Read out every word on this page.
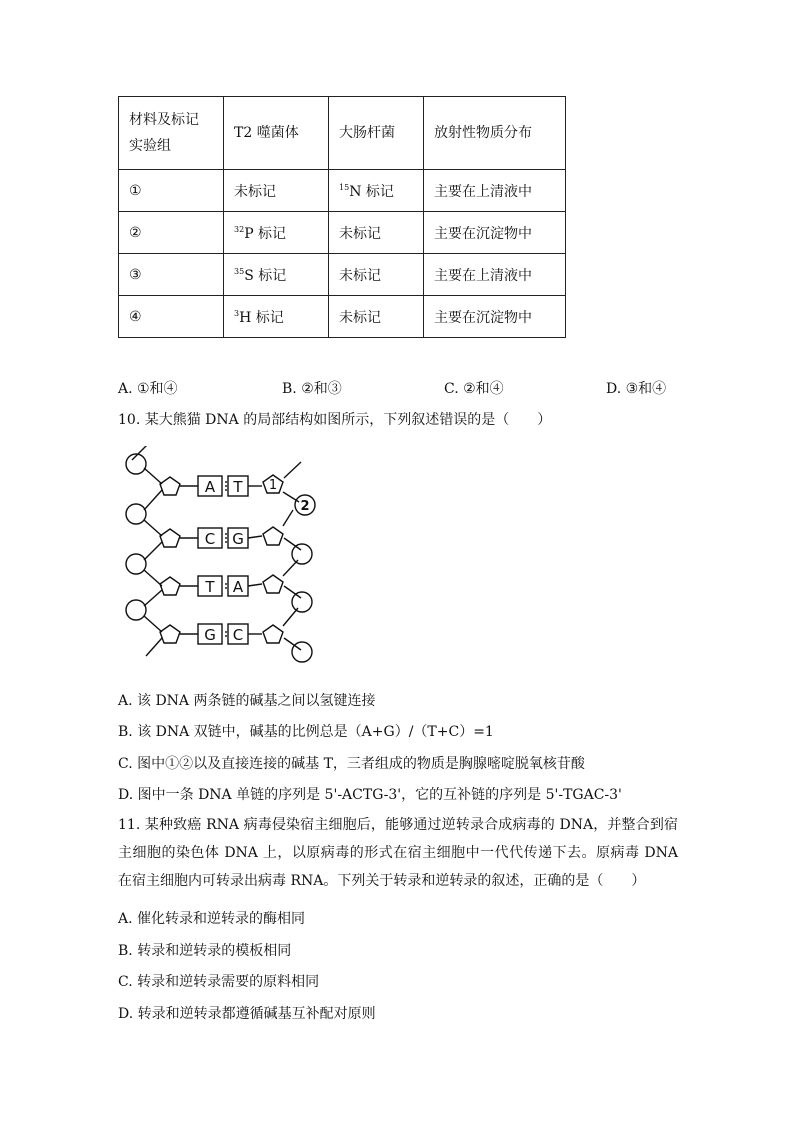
材料及标记
实验组	T2 噬菌体	大肠杆菌	放射性物质分布
①	未标记	$^{15}$N 标记	主要在上清液中
②	$^{32}$P 标记	未标记	主要在沉淀物中
③	$^{35}$S 标记	未标记	主要在上清液中
④	$^3$H 标记	未标记	主要在沉淀物中
A. ①和④	B. ②和③	C. ②和④	D. ③和④
10. 某大熊猫 DNA 的局部结构如图所示，下列叙述错误的是（　　）
A T
C G
T A
G C
1
2
A. 该 DNA 两条链的碱基之间以氢键连接
B. 该 DNA 双链中，碱基的比例总是（A+G）/（T+C）=1
C. 图中①②以及直接连接的碱基 T，三者组成的物质是胸腺嘧啶脱氧核苷酸
D. 图中一条 DNA 单链的序列是 5'-ACTG-3'，它的互补链的序列是 5'-TGAC-3'
11. 某种致癌 RNA 病毒侵染宿主细胞后，能够通过逆转录合成病毒的 DNA，并整合到宿主细胞的染色体 DNA 上，以原病毒的形式在宿主细胞中一代代传递下去。原病毒 DNA 在宿主细胞内可转录出病毒 RNA。下列关于转录和逆转录的叙述，正确的是（　　）
A. 催化转录和逆转录的酶相同
B. 转录和逆转录的模板相同
C. 转录和逆转录需要的原料相同
D. 转录和逆转录都遵循碱基互补配对原则
